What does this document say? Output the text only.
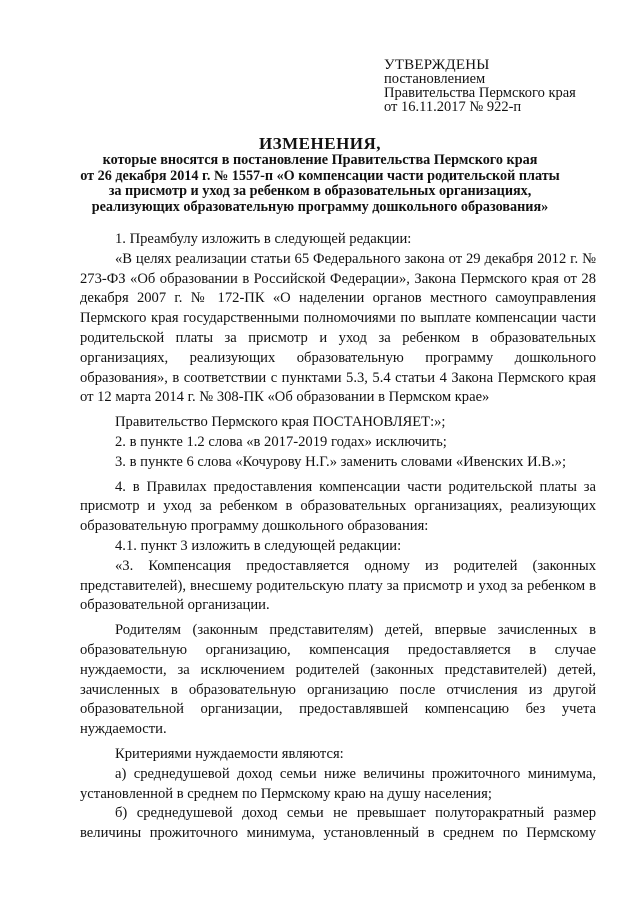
УТВЕРЖДЕНЫ
постановлением
Правительства Пермского края
от 16.11.2017 № 922-п
ИЗМЕНЕНИЯ,
которые вносятся в постановление Правительства Пермского края
от 26 декабря 2014 г. № 1557-п «О компенсации части родительской платы
за присмотр и уход за ребенком в образовательных организациях,
реализующих образовательную программу дошкольного образования»

1. Преамбулу изложить в следующей редакции:

«В целях реализации статьи 65 Федерального закона от 29 декабря 2012 г. № 273-ФЗ «Об образовании в Российской Федерации», Закона Пермского края от 28 декабря 2007 г. № 172-ПК «О наделении органов местного самоуправления Пермского края государственными полномочиями по выплате компенсации части родительской платы за присмотр и уход за ребенком в образовательных организациях, реализующих образовательную программу дошкольного образования», в соответствии с пунктами 5.3, 5.4 статьи 4 Закона Пермского края от 12 марта 2014 г. № 308-ПК «Об образовании в Пермском крае»

Правительство Пермского края ПОСТАНОВЛЯЕТ:»;

2. в пункте 1.2 слова «в 2017-2019 годах» исключить;

3. в пункте 6 слова «Кочурову Н.Г.» заменить словами «Ивенских И.В.»;

4. в Правилах предоставления компенсации части родительской платы за присмотр и уход за ребенком в образовательных организациях, реализующих образовательную программу дошкольного образования:

4.1. пункт 3 изложить в следующей редакции:

«3. Компенсация предоставляется одному из родителей (законных представителей), внесшему родительскую плату за присмотр и уход за ребенком в образовательной организации.

Родителям (законным представителям) детей, впервые зачисленных в образовательную организацию, компенсация предоставляется в случае нуждаемости, за исключением родителей (законных представителей) детей, зачисленных в образовательную организацию после отчисления из другой образовательной организации, предоставлявшей компенсацию без учета нуждаемости.

Критериями нуждаемости являются:

а) среднедушевой доход семьи ниже величины прожиточного минимума, установленной в среднем по Пермскому краю на душу населения;

б) среднедушевой доход семьи не превышает полуторакратный размер величины прожиточного минимума, установленный в среднем по Пермскому
